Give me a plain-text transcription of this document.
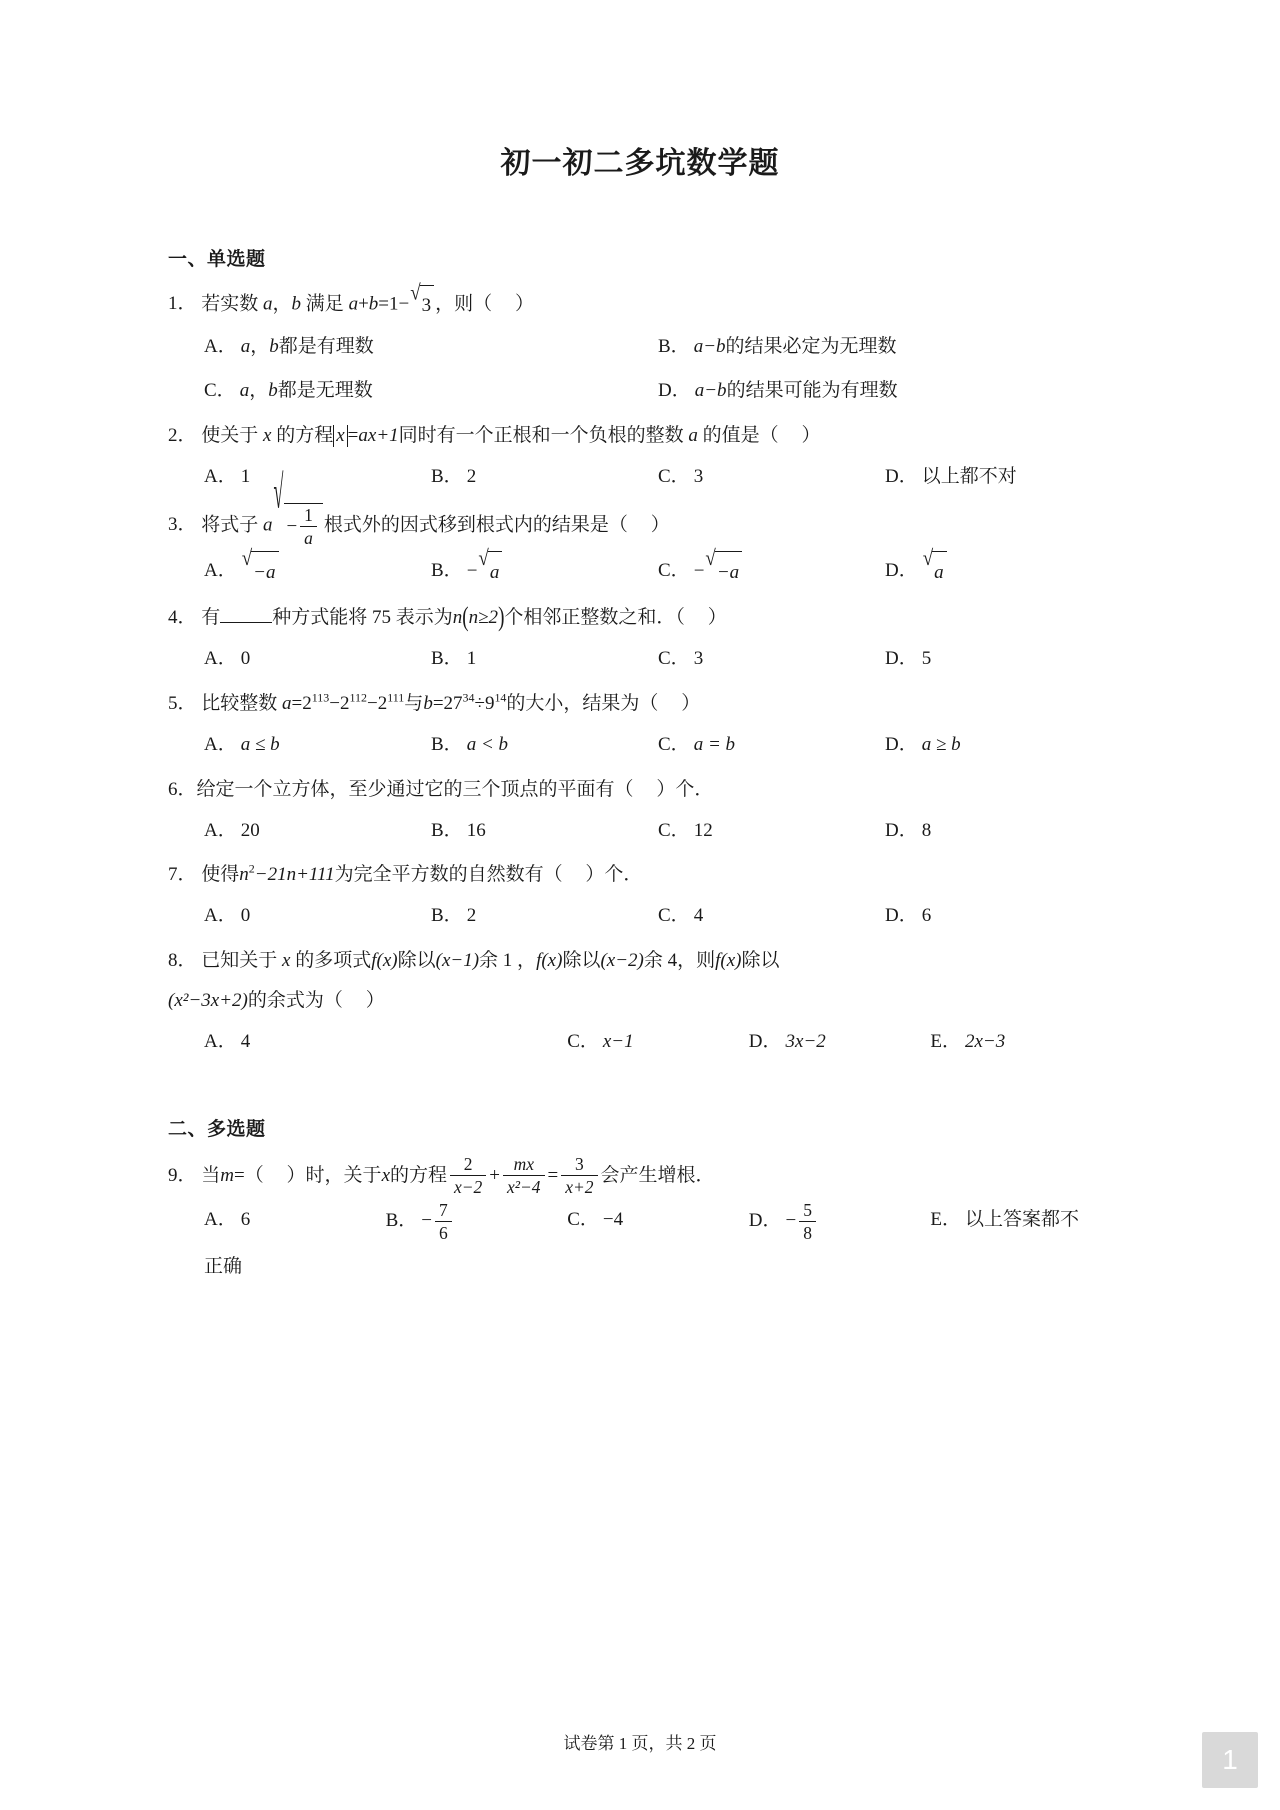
初一初二多坑数学题
一、单选题
1． 若实数 a，b 满足 a+b=1− √
3 ，则（ ）
A． a，b都是有理数	B． a−b的结果必定为无理数
C． a，b都是无理数	D． a−b的结果可能为有理数
2． 使关于 x 的方程 x =ax+1同时有一个正根和一个负根的整数 a 的值是（ ）
A． 1	B． 2	C． 3	D． 以上都不对
3． 将式子 a
√
− $\frac{1}{a}$ 根式外的因式移到根式内的结果是（ ）
A． √
−a	B． − √
a	C． − √
−a	D． √
a
4． 有	种方式能将 75 表示为n(n≥2)个相邻正整数之和．（ ）
A． 0	B． 1	C． 3	D． 5
5． 比较整数 $a=2^{113}-2^{112}-2^{111}$与$b=27^{34}\div 9^{14}$的大小，结果为（ ）
A． a ≤ b	B． a < b	C． a = b	D． a ≥ b
6．给定一个立方体，至少通过它的三个顶点的平面有（ ）个．
A． 20	B． 16	C． 12	D． 8
7． 使得$n^2-21n+111$为完全平方数的自然数有（ ）个．
A． 0	B． 2	C． 4	D． 6
8． 已知关于 x 的多项式f(x)除以(x−1)余 1 ，f(x)除以(x−2)余 4，则f(x)除以
(x²−3x+2)的余式为（ ）
A． 4	C． x−1	D． 3x−2	E． 2x−3
二、多选题
9． 当m=（ ）时，关于x的方程 $\frac{2}{x-2} + \frac{mx}{\text{x²−4}} = \frac{3}{x+2}$ 会产生增根．
A． 6	B． − $\frac{7}{6}$	C． −4	D． − $\frac{5}{8}$	E． 以上答案都不
正确
试卷第 1 页，共 2 页
1
